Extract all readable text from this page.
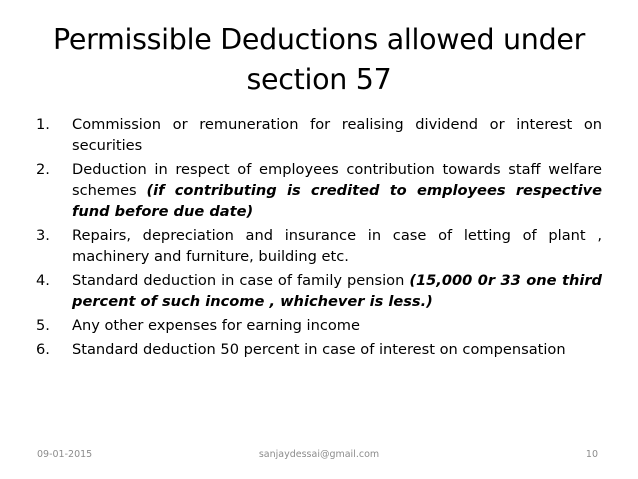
Permissible Deductions allowed under
section 57
1. Commission or remuneration for realising dividend or interest on securities
2. Deduction in respect of employees contribution towards staff welfare schemes (if contributing is credited to employees respective fund before due date)
3. Repairs, depreciation and insurance in case of letting of plant , machinery and furniture, building etc.
4. Standard deduction in case of family pension (15,000 0r 33 one third percent of such income , whichever is less.)
5. Any other expenses for earning income
6. Standard deduction 50 percent in case of interest on compensation
09-01-2015	sanjaydessai@gmail.com	10
